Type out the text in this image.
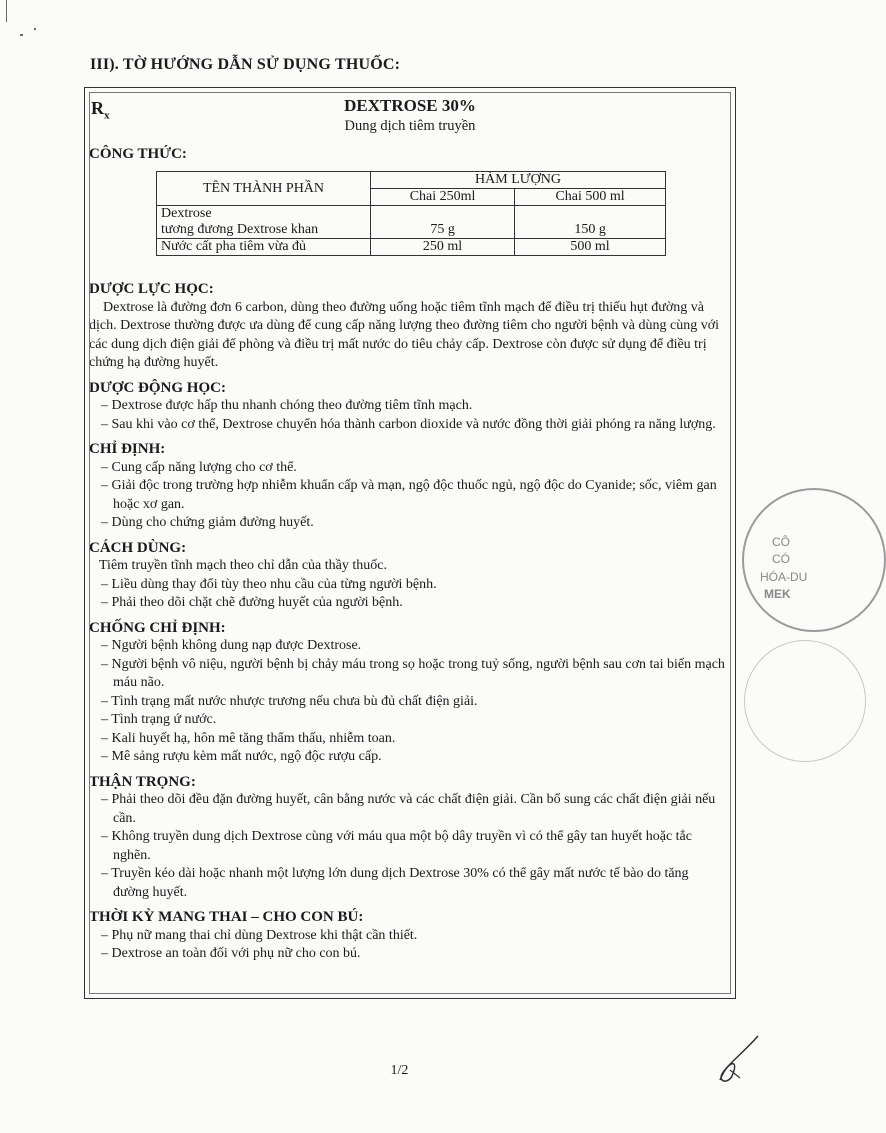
III). TỜ HƯỚNG DẪN SỬ DỤNG THUỐC:
$R_x$
DEXTROSE 30%
Dung dịch tiêm truyền

CÔNG THỨC:

TÊN THÀNH PHẦN	HÀM LƯỢNG	
	Chai 250ml	Chai 500 ml

Dextrose
tương đương Dextrose khan	75 g	150 g
Nước cất pha tiêm vừa đủ	250 ml	500 ml

DƯỢC LỰC HỌC:

Dextrose là đường đơn 6 carbon, dùng theo đường uống hoặc tiêm tĩnh mạch để điều trị thiếu hụt đường và dịch. Dextrose thường được ưa dùng để cung cấp năng lượng theo đường tiêm cho người bệnh và dùng cùng với các dung dịch điện giải để phòng và điều trị mất nước do tiêu chảy cấp. Dextrose còn được sử dụng để điều trị chứng hạ đường huyết.

DƯỢC ĐỘNG HỌC:

– Dextrose được hấp thu nhanh chóng theo đường tiêm tĩnh mạch.
– Sau khi vào cơ thể, Dextrose chuyển hóa thành carbon dioxide và nước đồng thời giải phóng ra năng lượng.

CHỈ ĐỊNH:

– Cung cấp năng lượng cho cơ thể.
– Giải độc trong trường hợp nhiễm khuẩn cấp và mạn, ngộ độc thuốc ngủ, ngộ độc do Cyanide; sốc, viêm gan hoặc xơ gan.
– Dùng cho chứng giảm đường huyết.

CÁCH DÙNG:

Tiêm truyền tĩnh mạch theo chỉ dẫn của thầy thuốc.

– Liều dùng thay đổi tùy theo nhu cầu của từng người bệnh.
– Phải theo dõi chặt chẽ đường huyết của người bệnh.

CHỐNG CHỈ ĐỊNH:

– Người bệnh không dung nạp được Dextrose.
– Người bệnh vô niệu, người bệnh bị chảy máu trong sọ hoặc trong tuỷ sống, người bệnh sau cơn tai biến mạch máu não.
– Tình trạng mất nước nhược trương nếu chưa bù đủ chất điện giải.
– Tình trạng ứ nước.
– Kali huyết hạ, hôn mê tăng thẩm thấu, nhiễm toan.
– Mê sảng rượu kèm mất nước, ngộ độc rượu cấp.

THẬN TRỌNG:

– Phải theo dõi đều đặn đường huyết, cân bằng nước và các chất điện giải. Cần bổ sung các chất điện giải nếu cần.
– Không truyền dung dịch Dextrose cùng với máu qua một bộ dây truyền vì có thể gây tan huyết hoặc tắc nghẽn.
– Truyền kéo dài hoặc nhanh một lượng lớn dung dịch Dextrose 30% có thể gây mất nước tế bào do tăng đường huyết.

THỜI KỲ MANG THAI – CHO CON BÚ:

– Phụ nữ mang thai chỉ dùng Dextrose khi thật cần thiết.
– Dextrose an toàn đối với phụ nữ cho con bú.
1/2
CÔ
CÓ
HÓA-DU
MEK
